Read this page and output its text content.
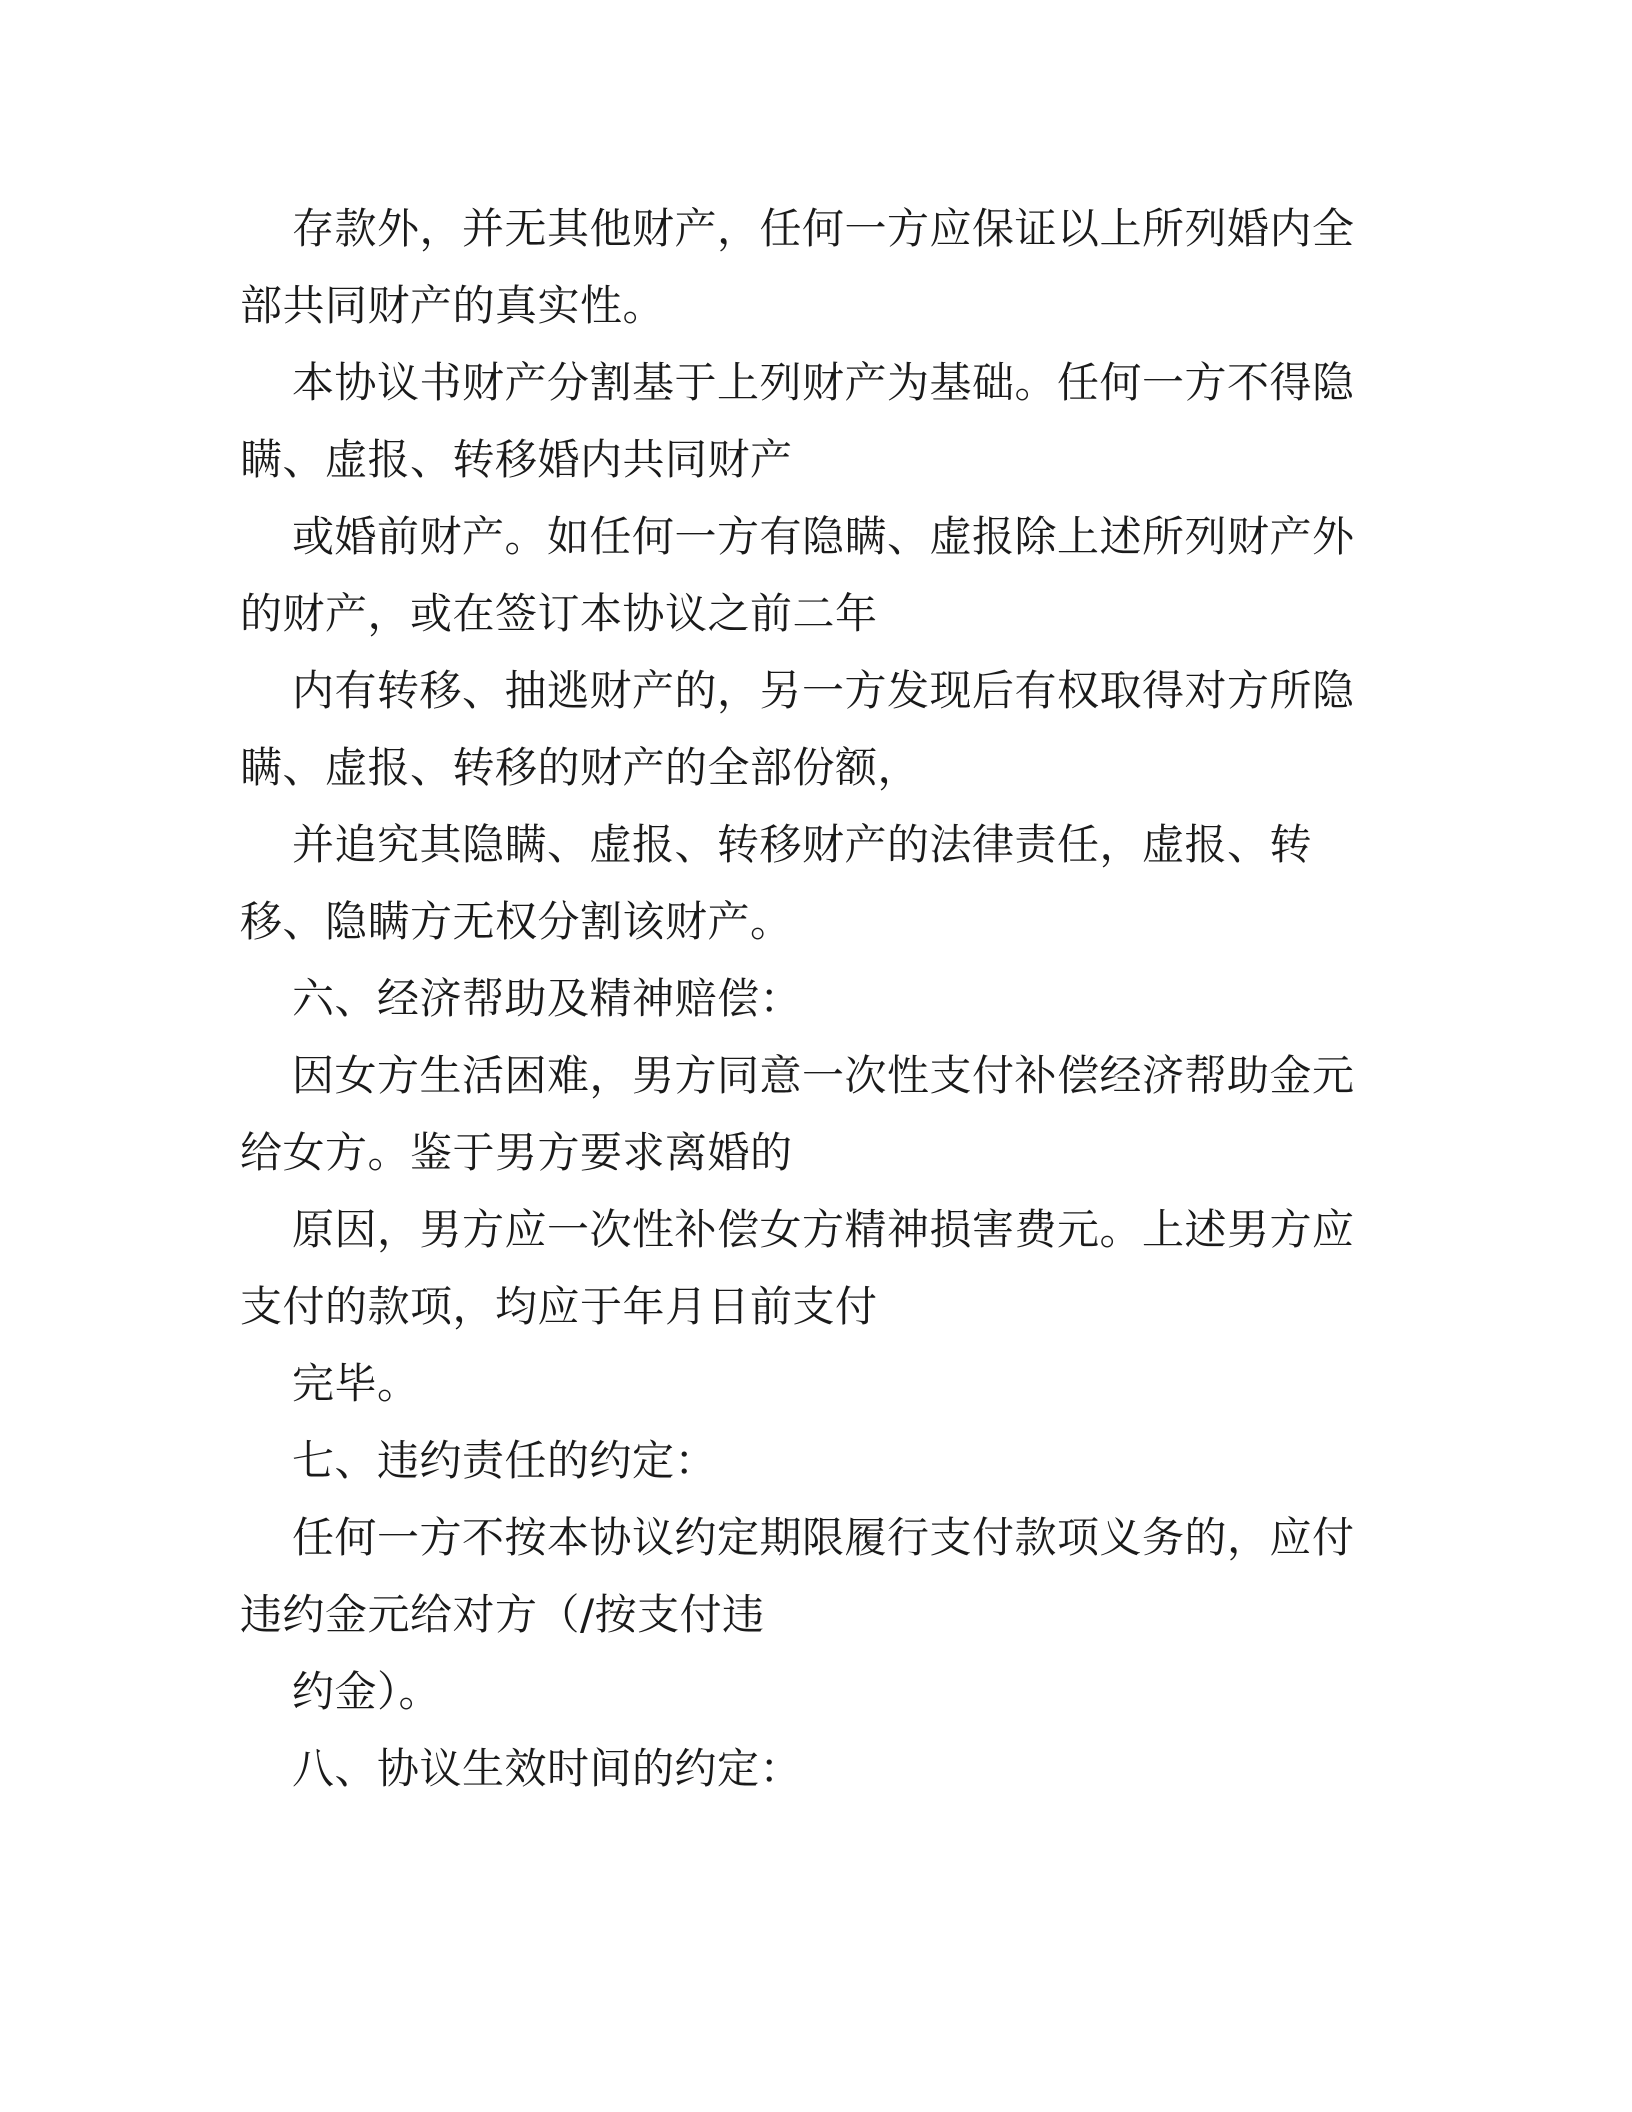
存款外，并无其他财产，任何一方应保证以上所列婚内全部共同财产的真实性。

本协议书财产分割基于上列财产为基础。任何一方不得隐瞒、虚报、转移婚内共同财产

或婚前财产。如任何一方有隐瞒、虚报除上述所列财产外的财产，或在签订本协议之前二年

内有转移、抽逃财产的，另一方发现后有权取得对方所隐瞒、虚报、转移的财产的全部份额，

并追究其隐瞒、虚报、转移财产的法律责任，虚报、转移、隐瞒方无权分割该财产。

六、经济帮助及精神赔偿：

因女方生活困难，男方同意一次性支付补偿经济帮助金元给女方。鉴于男方要求离婚的

原因，男方应一次性补偿女方精神损害费元。上述男方应支付的款项，均应于年月日前支付

完毕。

七、违约责任的约定：

任何一方不按本协议约定期限履行支付款项义务的，应付违约金元给对方（/按支付违

约金）。

八、协议生效时间的约定：
